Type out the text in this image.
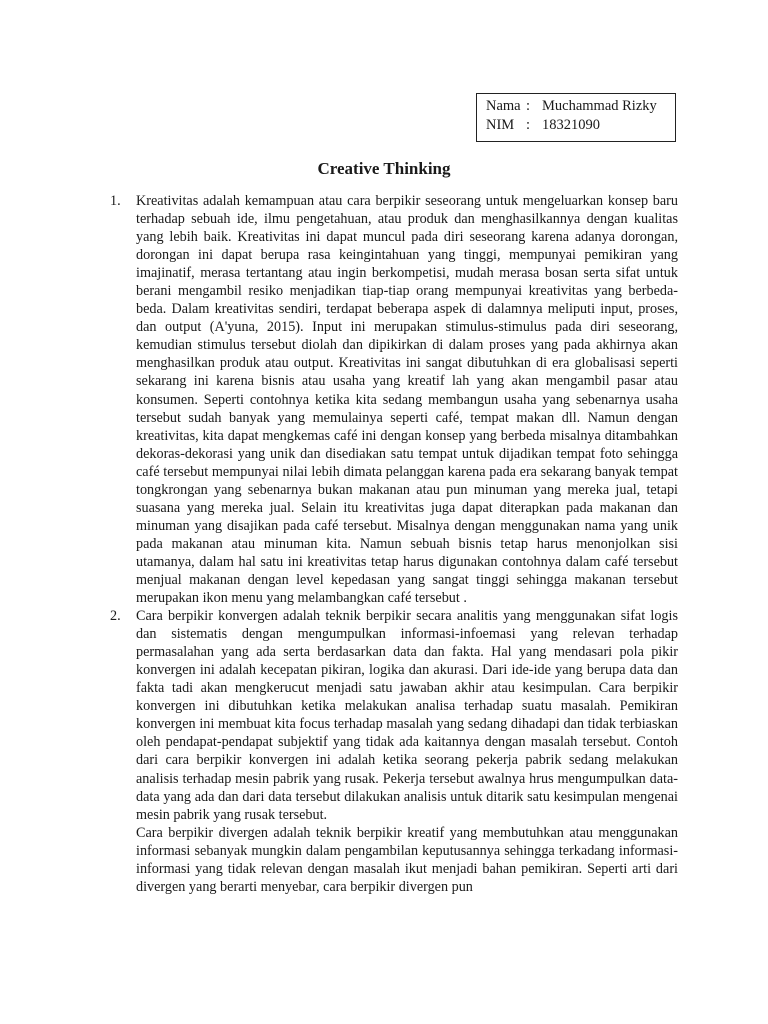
Nama : Muchammad Rizky
NIM : 18321090
Creative Thinking
1.	Kreativitas adalah kemampuan atau cara berpikir seseorang untuk mengeluarkan konsep baru terhadap sebuah ide, ilmu pengetahuan, atau produk dan menghasilkannya dengan kualitas yang lebih baik. Kreativitas ini dapat muncul pada diri seseorang karena adanya dorongan, dorongan ini dapat berupa rasa keingintahuan yang tinggi, mempunyai pemikiran yang imajinatif, merasa tertantang atau ingin berkompetisi, mudah merasa bosan serta sifat untuk berani mengambil resiko menjadikan tiap-tiap orang mempunyai kreativitas yang berbeda-beda. Dalam kreativitas sendiri, terdapat beberapa aspek di dalamnya meliputi input, proses, dan output (A'yuna, 2015). Input ini merupakan stimulus-stimulus pada diri seseorang, kemudian stimulus tersebut diolah dan dipikirkan di dalam proses yang pada akhirnya akan menghasilkan produk atau output. Kreativitas ini sangat dibutuhkan di era globalisasi seperti sekarang ini karena bisnis atau usaha yang kreatif lah yang akan mengambil pasar atau konsumen. Seperti contohnya ketika kita sedang membangun usaha yang sebenarnya usaha tersebut sudah banyak yang memulainya seperti café, tempat makan dll. Namun dengan kreativitas, kita dapat mengkemas café ini dengan konsep yang berbeda misalnya ditambahkan dekoras-dekorasi yang unik dan disediakan satu tempat untuk dijadikan tempat foto sehingga café tersebut mempunyai nilai lebih dimata pelanggan karena pada era sekarang banyak tempat tongkrongan yang sebenarnya bukan makanan atau pun minuman yang mereka jual, tetapi suasana yang mereka jual. Selain itu kreativitas juga dapat diterapkan pada makanan dan minuman yang disajikan pada café tersebut. Misalnya dengan menggunakan nama yang unik pada makanan atau minuman kita. Namun sebuah bisnis tetap harus menonjolkan sisi utamanya, dalam hal satu ini kreativitas tetap harus digunakan contohnya dalam café tersebut menjual makanan dengan level kepedasan yang sangat tinggi sehingga makanan tersebut merupakan ikon menu yang melambangkan café tersebut .

2.	Cara berpikir konvergen adalah teknik berpikir secara analitis yang menggunakan sifat logis dan sistematis dengan mengumpulkan informasi-infoemasi yang relevan terhadap permasalahan yang ada serta berdasarkan data dan fakta. Hal yang mendasari pola pikir konvergen ini adalah kecepatan pikiran, logika dan akurasi. Dari ide-ide yang berupa data dan fakta tadi akan mengkerucut menjadi satu jawaban akhir atau kesimpulan. Cara berpikir konvergen ini dibutuhkan ketika melakukan analisa terhadap suatu masalah. Pemikiran konvergen ini membuat kita focus terhadap masalah yang sedang dihadapi dan tidak terbiaskan oleh pendapat-pendapat subjektif yang tidak ada kaitannya dengan masalah tersebut. Contoh dari cara berpikir konvergen ini adalah ketika seorang pekerja pabrik sedang melakukan analisis terhadap mesin pabrik yang rusak. Pekerja tersebut awalnya hrus mengumpulkan data-data yang ada dan dari data tersebut dilakukan analisis untuk ditarik satu kesimpulan mengenai mesin pabrik yang rusak tersebut.

Cara berpikir divergen adalah teknik berpikir kreatif yang membutuhkan atau menggunakan informasi sebanyak mungkin dalam pengambilan keputusannya sehingga terkadang informasi-informasi yang tidak relevan dengan masalah ikut menjadi bahan pemikiran. Seperti arti dari divergen yang berarti menyebar, cara berpikir divergen pun
